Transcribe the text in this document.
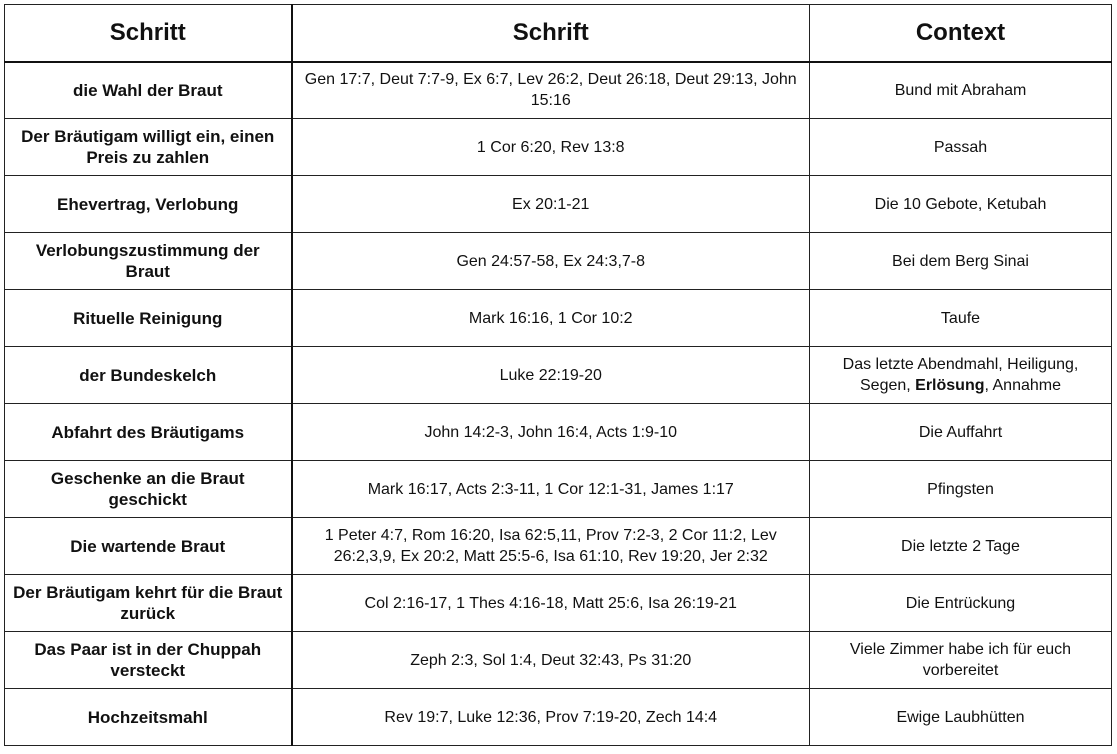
Schritt	Schrift	Context
die Wahl der Braut	Gen 17:7, Deut 7:7-9, Ex 6:7, Lev 26:2, Deut 26:18, Deut 29:13, John 15:16	Bund mit Abraham
Der Bräutigam willigt ein, einen Preis zu zahlen	1 Cor 6:20, Rev 13:8	Passah
Ehevertrag, Verlobung	Ex 20:1-21	Die 10 Gebote, Ketubah
Verlobungszustimmung der Braut	Gen 24:57-58, Ex 24:3,7-8	Bei dem Berg Sinai
Rituelle Reinigung	Mark 16:16, 1 Cor 10:2	Taufe
der Bundeskelch	Luke 22:19-20	Das letzte Abendmahl, Heiligung, Segen, Erlösung, Annahme
Abfahrt des Bräutigams	John 14:2-3, John 16:4, Acts 1:9-10	Die Auffahrt
Geschenke an die Braut geschickt	Mark 16:17, Acts 2:3-11, 1 Cor 12:1-31, James 1:17	Pfingsten
Die wartende Braut	1 Peter 4:7, Rom 16:20, Isa 62:5,11, Prov 7:2-3, 2 Cor 11:2, Lev 26:2,3,9, Ex 20:2, Matt 25:5-6, Isa 61:10, Rev 19:20, Jer 2:32	Die letzte 2 Tage
Der Bräutigam kehrt für die Braut zurück	Col 2:16-17, 1 Thes 4:16-18, Matt 25:6, Isa 26:19-21	Die Entrückung
Das Paar ist in der Chuppah versteckt	Zeph 2:3, Sol 1:4, Deut 32:43, Ps 31:20	Viele Zimmer habe ich für euch vorbereitet
Hochzeitsmahl	Rev 19:7, Luke 12:36, Prov 7:19-20, Zech 14:4	Ewige Laubhütten
